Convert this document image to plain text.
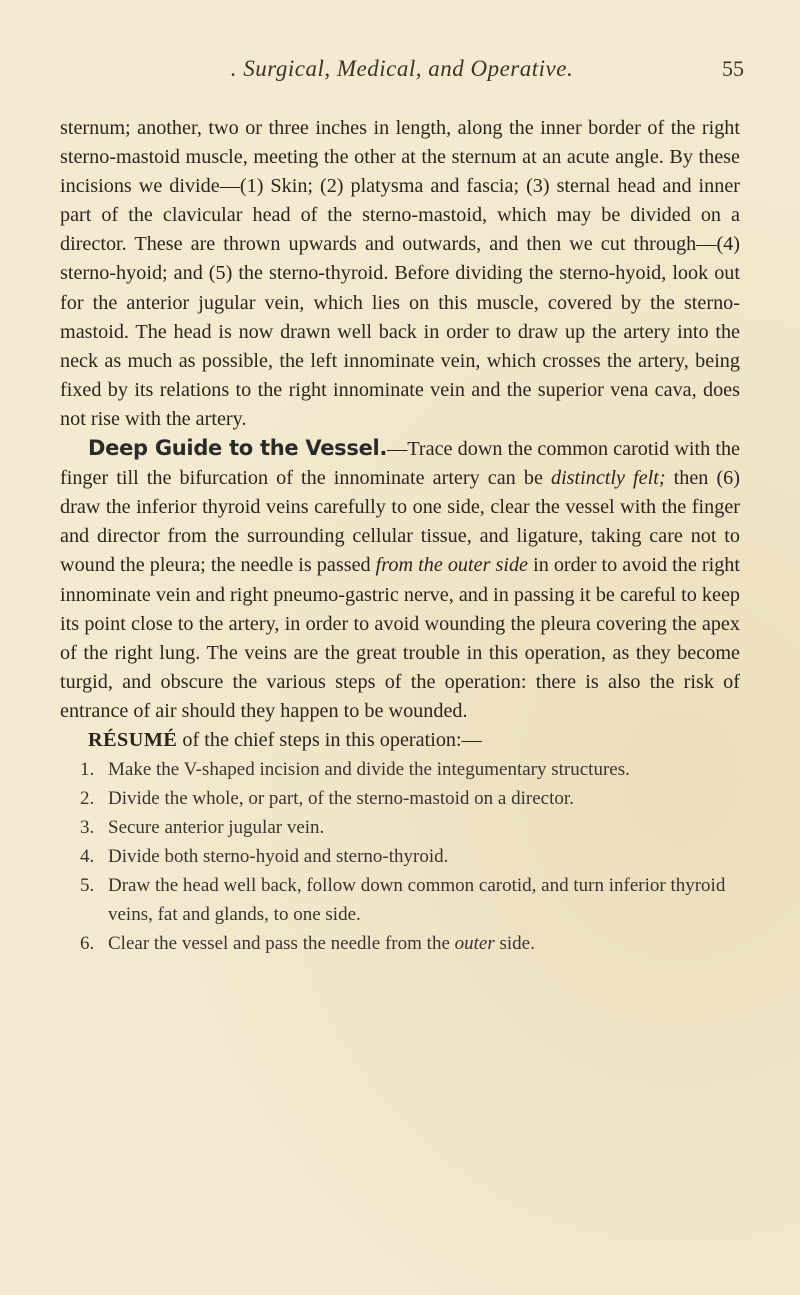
. Surgical, Medical, and Operative.	55

sternum; another, two or three inches in length, along the inner border of the right sterno-mastoid muscle, meeting the other at the sternum at an acute angle. By these incisions we divide—(1) Skin; (2) platysma and fascia; (3) sternal head and inner part of the clavicular head of the sterno-mastoid, which may be divided on a director. These are thrown upwards and outwards, and then we cut through—(4) sterno-hyoid; and (5) the sterno-thyroid. Before dividing the sterno-hyoid, look out for the anterior jugular vein, which lies on this muscle, covered by the sterno-mastoid. The head is now drawn well back in order to draw up the artery into the neck as much as possible, the left innominate vein, which crosses the artery, being fixed by its relations to the right innominate vein and the superior vena cava, does not rise with the artery.

Deep Guide to the Vessel.—Trace down the common carotid with the finger till the bifurcation of the innominate artery can be distinctly felt; then (6) draw the inferior thyroid veins carefully to one side, clear the vessel with the finger and director from the surrounding cellular tissue, and ligature, taking care not to wound the pleura; the needle is passed from the outer side in order to avoid the right innominate vein and right pneumo-gastric nerve, and in passing it be careful to keep its point close to the artery, in order to avoid wounding the pleura covering the apex of the right lung. The veins are the great trouble in this operation, as they become turgid, and obscure the various steps of the operation: there is also the risk of entrance of air should they happen to be wounded.

RÉSUMÉ of the chief steps in this operation:—

1. Make the V-shaped incision and divide the integumentary structures.
2. Divide the whole, or part, of the sterno-mastoid on a director.
3. Secure anterior jugular vein.
4. Divide both sterno-hyoid and sterno-thyroid.
5. Draw the head well back, follow down common carotid, and turn inferior thyroid veins, fat and glands, to one side.
6. Clear the vessel and pass the needle from the outer side.
